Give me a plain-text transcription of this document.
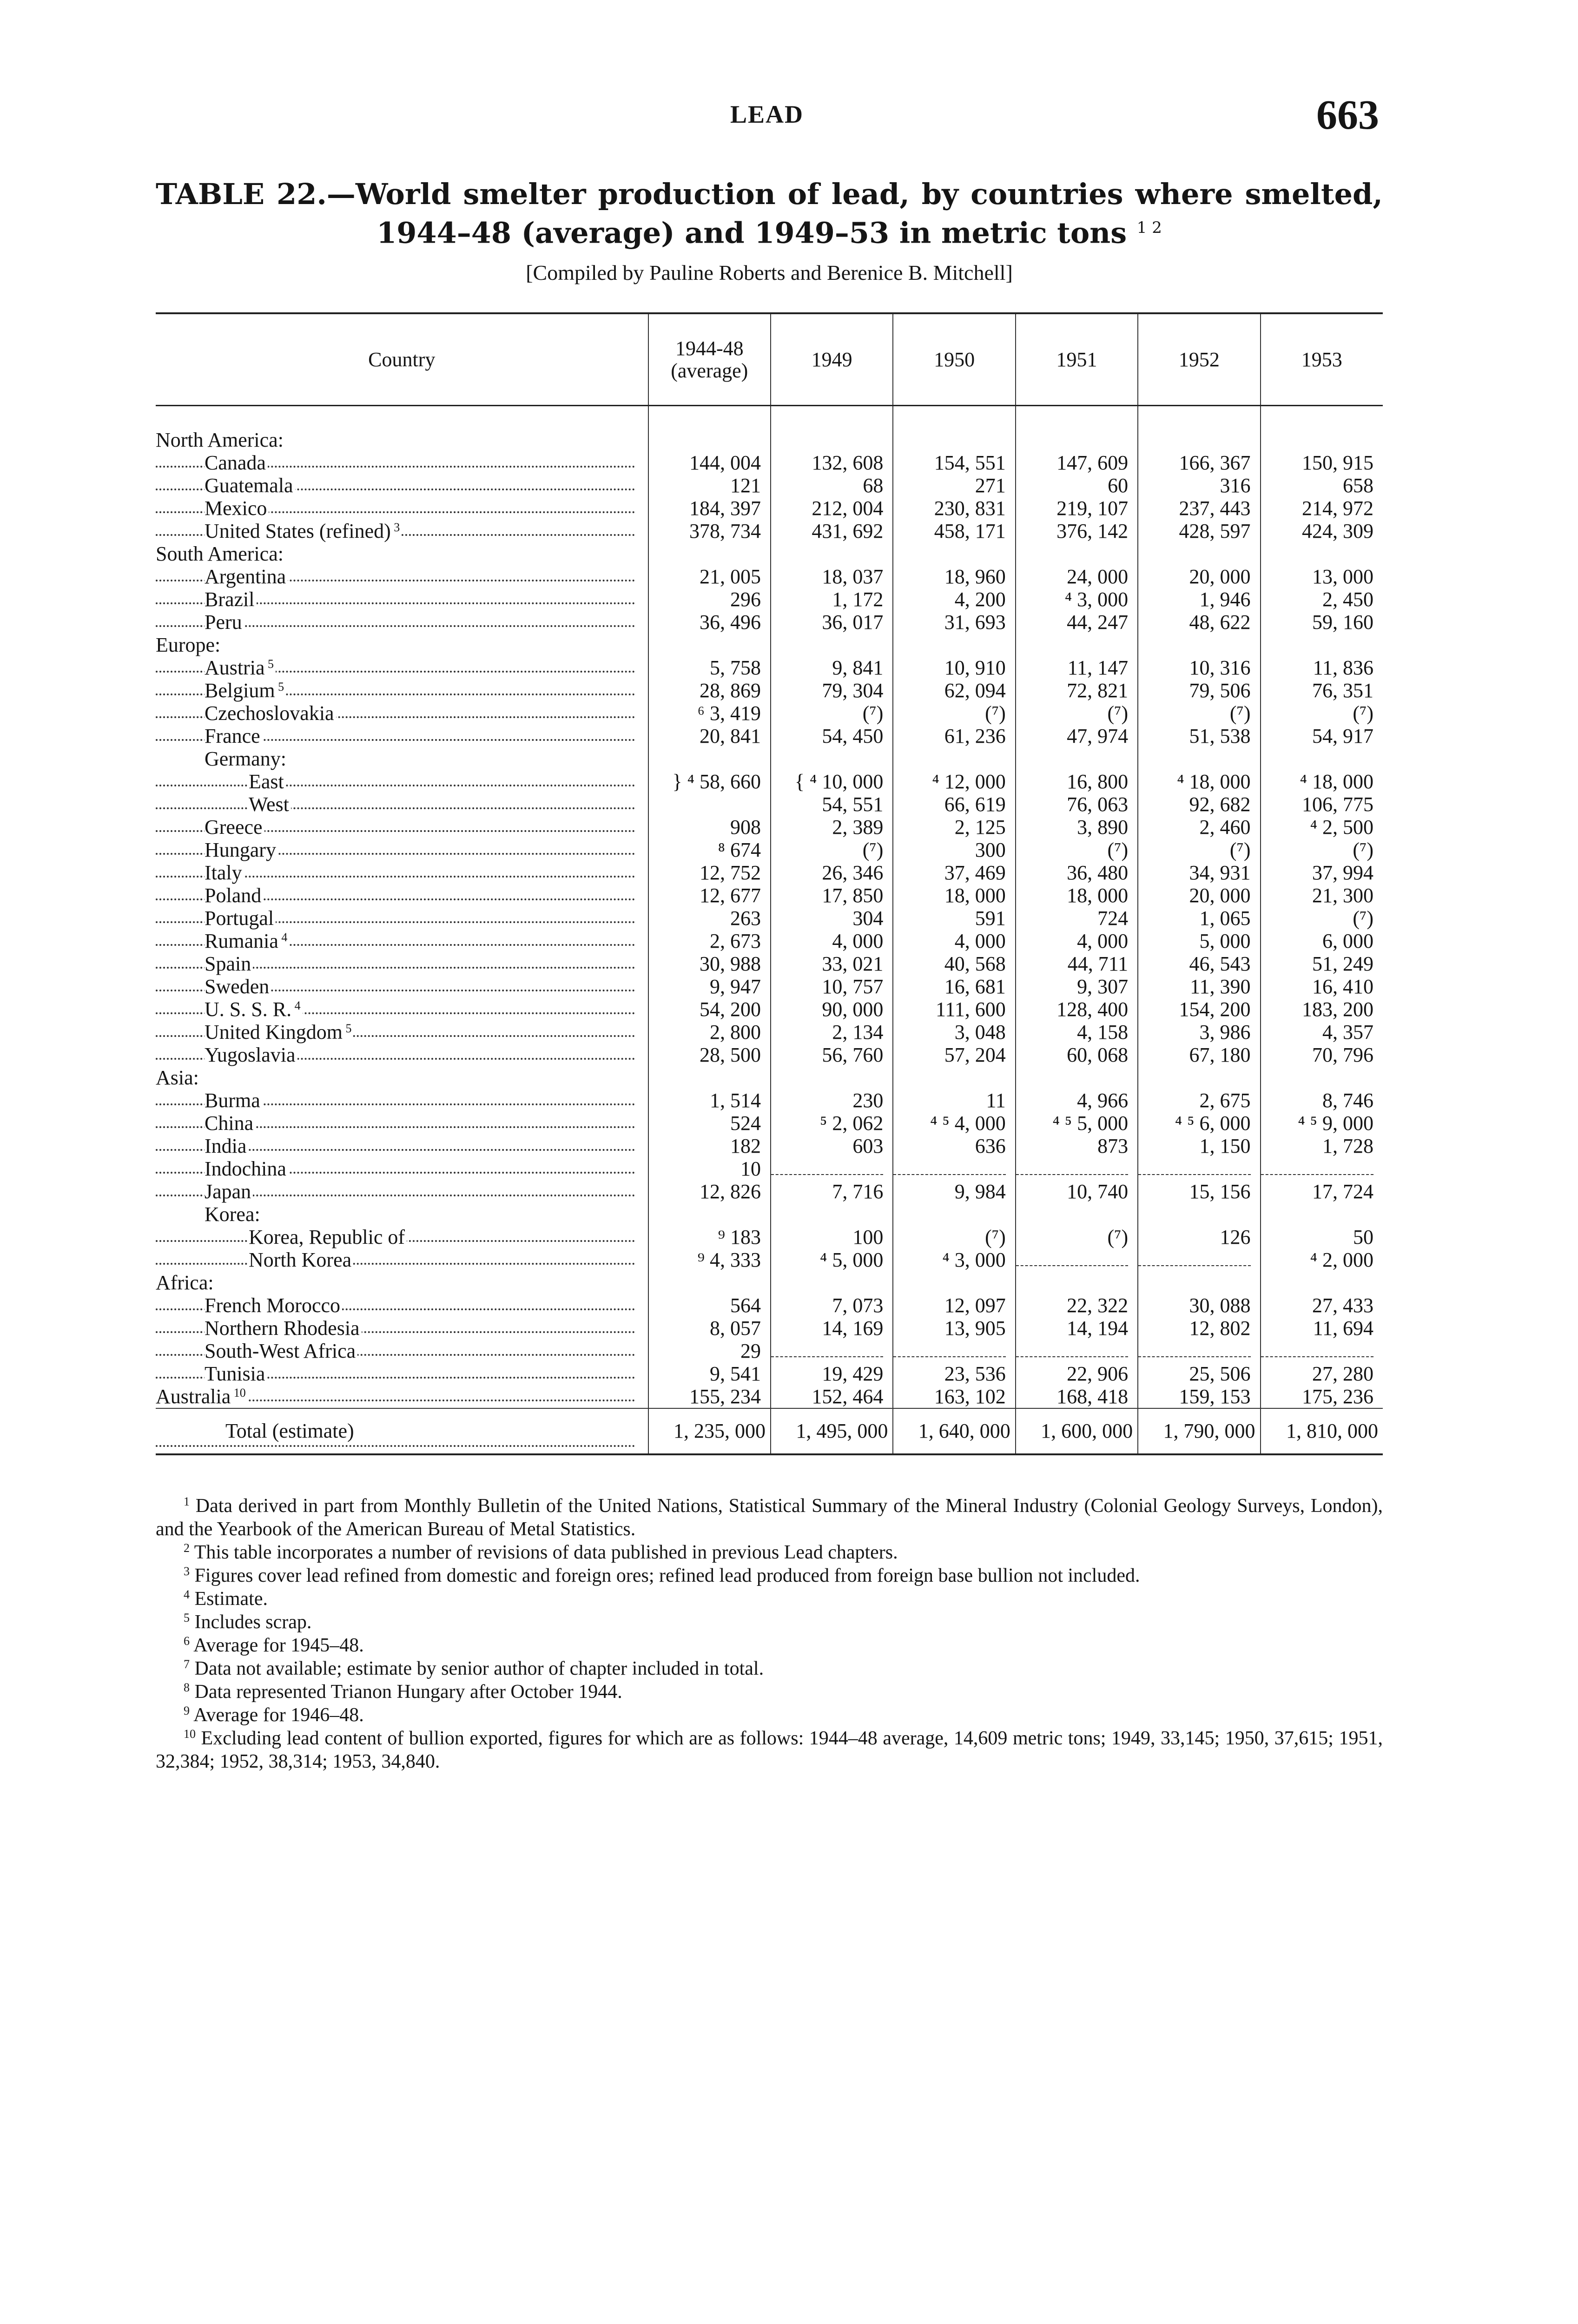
LEAD	663
TABLE 22.—World smelter production of lead, by countries where smelted,
1944–48 (average) and 1949–53 in metric tons $^{1 2}$
[Compiled by Pauline Roberts and Berenice B. Mitchell]
Country	1944-48 (average)	1949	1950	1951	1952	1953

North America:						
Canada	144, 004	132, 608	154, 551	147, 609	166, 367	150, 915
Guatemala	121	68	271	60	316	658
Mexico	184, 397	212, 004	230, 831	219, 107	237, 443	214, 972
United States (refined) $^3$	378, 734	431, 692	458, 171	376, 142	428, 597	424, 309
South America:						
Argentina	21, 005	18, 037	18, 960	24, 000	20, 000	13, 000
Brazil	296	1, 172	4, 200	⁴ 3, 000	1, 946	2, 450
Peru	36, 496	36, 017	31, 693	44, 247	48, 622	59, 160
Europe:						
Austria $^5$	5, 758	9, 841	10, 910	11, 147	10, 316	11, 836
Belgium $^5$	28, 869	79, 304	62, 094	72, 821	79, 506	76, 351
Czechoslovakia	⁶ 3, 419	(⁷)	(⁷)	(⁷)	(⁷)	(⁷)
France	20, 841	54, 450	61, 236	47, 974	51, 538	54, 917
Germany:						
East	} ⁴ 58, 660	{ ⁴ 10, 000	⁴ 12, 000	16, 800	⁴ 18, 000	⁴ 18, 000
West		54, 551	66, 619	76, 063	92, 682	106, 775
Greece	908	2, 389	2, 125	3, 890	2, 460	⁴ 2, 500
Hungary	⁸ 674	(⁷)	300	(⁷)	(⁷)	(⁷)
Italy	12, 752	26, 346	37, 469	36, 480	34, 931	37, 994
Poland	12, 677	17, 850	18, 000	18, 000	20, 000	21, 300
Portugal	263	304	591	724	1, 065	(⁷)
Rumania $^4$	2, 673	4, 000	4, 000	4, 000	5, 000	6, 000
Spain	30, 988	33, 021	40, 568	44, 711	46, 543	51, 249
Sweden	9, 947	10, 757	16, 681	9, 307	11, 390	16, 410
U. S. S. R. $^4$	54, 200	90, 000	111, 600	128, 400	154, 200	183, 200
United Kingdom $^5$	2, 800	2, 134	3, 048	4, 158	3, 986	4, 357
Yugoslavia	28, 500	56, 760	57, 204	60, 068	67, 180	70, 796
Asia:						
Burma	1, 514	230	11	4, 966	2, 675	8, 746
China	524	⁵ 2, 062	⁴ ⁵ 4, 000	⁴ ⁵ 5, 000	⁴ ⁵ 6, 000	⁴ ⁵ 9, 000
India	182	603	636	873	1, 150	1, 728
Indochina	10	

Japan	12, 826	7, 716	9, 984	10, 740	15, 156	17, 724
Korea:						
Korea, Republic of	⁹ 183	100	(⁷)	(⁷)	126	50
North Korea	⁹ 4, 333	⁴ 5, 000	⁴ 3, 000			⁴ 2, 000
Africa:						
French Morocco	564	7, 073	12, 097	22, 322	30, 088	27, 433
Northern Rhodesia	8, 057	14, 169	13, 905	14, 194	12, 802	11, 694
South-West Africa	29	

Tunisia	9, 541	19, 429	23, 536	22, 906	25, 506	27, 280
Australia $^{10}$	155, 234	152, 464	163, 102	168, 418	159, 153	175, 236
Total (estimate)	1, 235, 000	1, 495, 000	1, 640, 000	1, 600, 000	1, 790, 000	1, 810, 000

$^1$ Data derived in part from Monthly Bulletin of the United Nations, Statistical Summary of the Mineral Industry (Colonial Geology Surveys, London), and the Yearbook of the American Bureau of Metal Statistics.

$^2$ This table incorporates a number of revisions of data published in previous Lead chapters.

$^3$ Figures cover lead refined from domestic and foreign ores; refined lead produced from foreign base bullion not included.

$^4$ Estimate.

$^5$ Includes scrap.

$^6$ Average for 1945–48.

$^7$ Data not available; estimate by senior author of chapter included in total.

$^8$ Data represented Trianon Hungary after October 1944.

$^9$ Average for 1946–48.

$^{10}$ Excluding lead content of bullion exported, figures for which are as follows: 1944–48 average, 14,609 metric tons; 1949, 33,145; 1950, 37,615; 1951, 32,384; 1952, 38,314; 1953, 34,840.
